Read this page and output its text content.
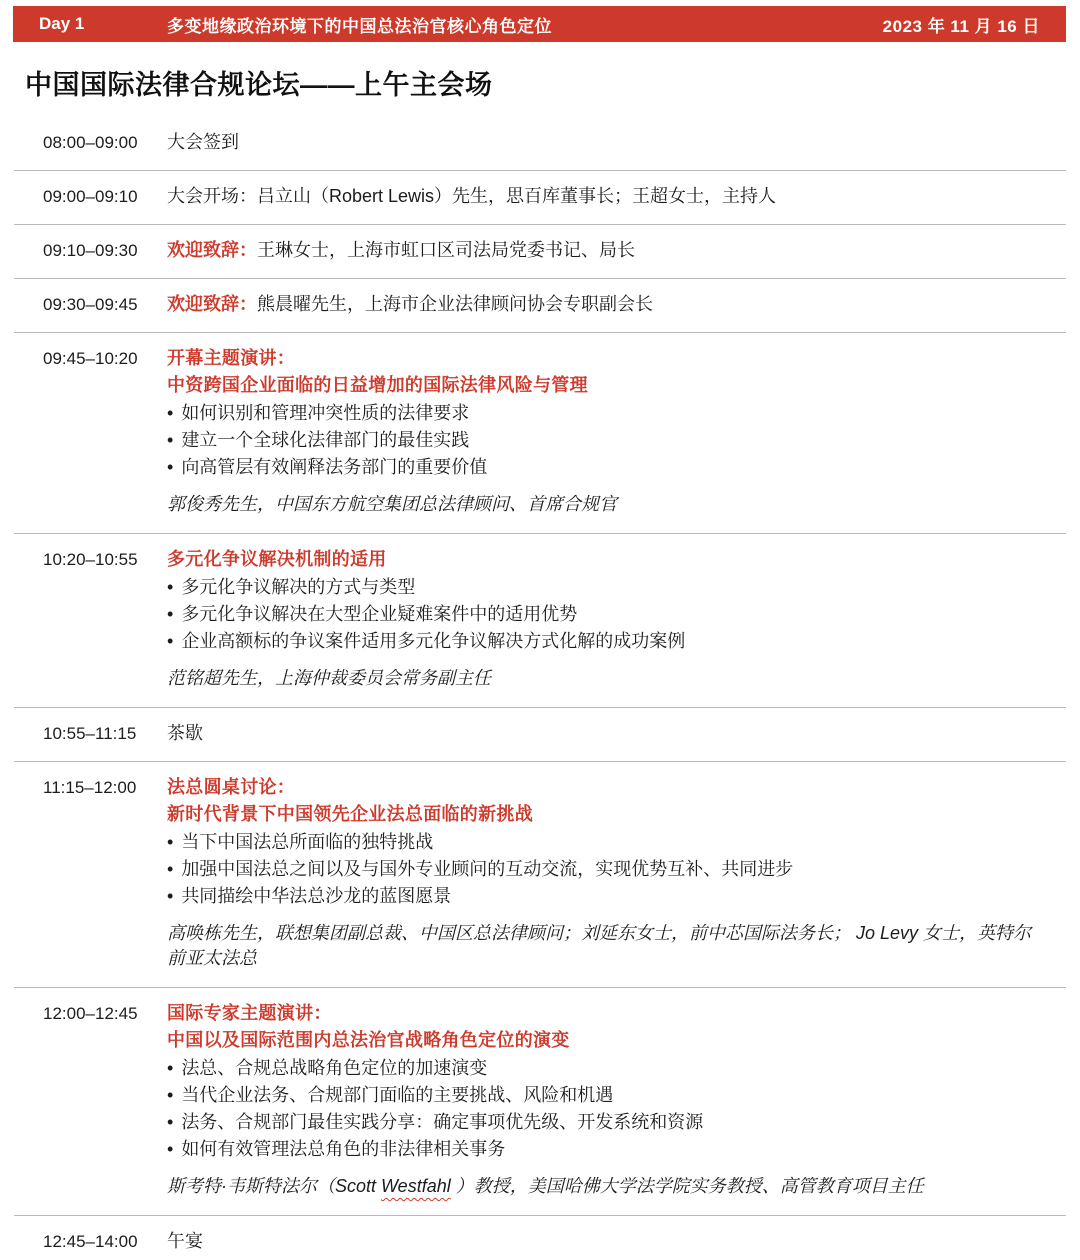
Day 1	多变地缘政治环境下的中国总法治官核心角色定位	2023 年 11 月 16 日
中国国际法律合规论坛——上午主会场
08:00–09:00	大会签到
09:00–09:10	大会开场：吕立山（Robert Lewis）先生，思百库董事长；王超女士，主持人
09:10–09:30	欢迎致辞：王琳女士，上海市虹口区司法局党委书记、局长
09:30–09:45	欢迎致辞：熊晨曜先生，上海市企业法律顾问协会专职副会长
09:45–10:20	开幕主题演讲：
中资跨国企业面临的日益增加的国际法律风险与管理
• 如何识别和管理冲突性质的法律要求
• 建立一个全球化法律部门的最佳实践
• 向高管层有效阐释法务部门的重要价值
郭俊秀先生，中国东方航空集团总法律顾问、首席合规官
10:20–10:55	多元化争议解决机制的适用
• 多元化争议解决的方式与类型
• 多元化争议解决在大型企业疑难案件中的适用优势
• 企业高额标的争议案件适用多元化争议解决方式化解的成功案例
范铭超先生，上海仲裁委员会常务副主任
10:55–11:15	茶歇
11:15–12:00	法总圆桌讨论：
新时代背景下中国领先企业法总面临的新挑战
• 当下中国法总所面临的独特挑战
• 加强中国法总之间以及与国外专业顾问的互动交流，实现优势互补、共同进步
• 共同描绘中华法总沙龙的蓝图愿景
高唤栋先生，联想集团副总裁、中国区总法律顾问；刘延东女士，前中芯国际法务长； Jo Levy 女士，英特尔前亚太法总
12:00–12:45	国际专家主题演讲：
中国以及国际范围内总法治官战略角色定位的演变
• 法总、合规总战略角色定位的加速演变
• 当代企业法务、合规部门面临的主要挑战、风险和机遇
• 法务、合规部门最佳实践分享：确定事项优先级、开发系统和资源
• 如何有效管理法总角色的非法律相关事务
斯考特·韦斯特法尔（Scott Westfahl ）教授，美国哈佛大学法学院实务教授、高管教育项目主任
12:45–14:00	午宴
